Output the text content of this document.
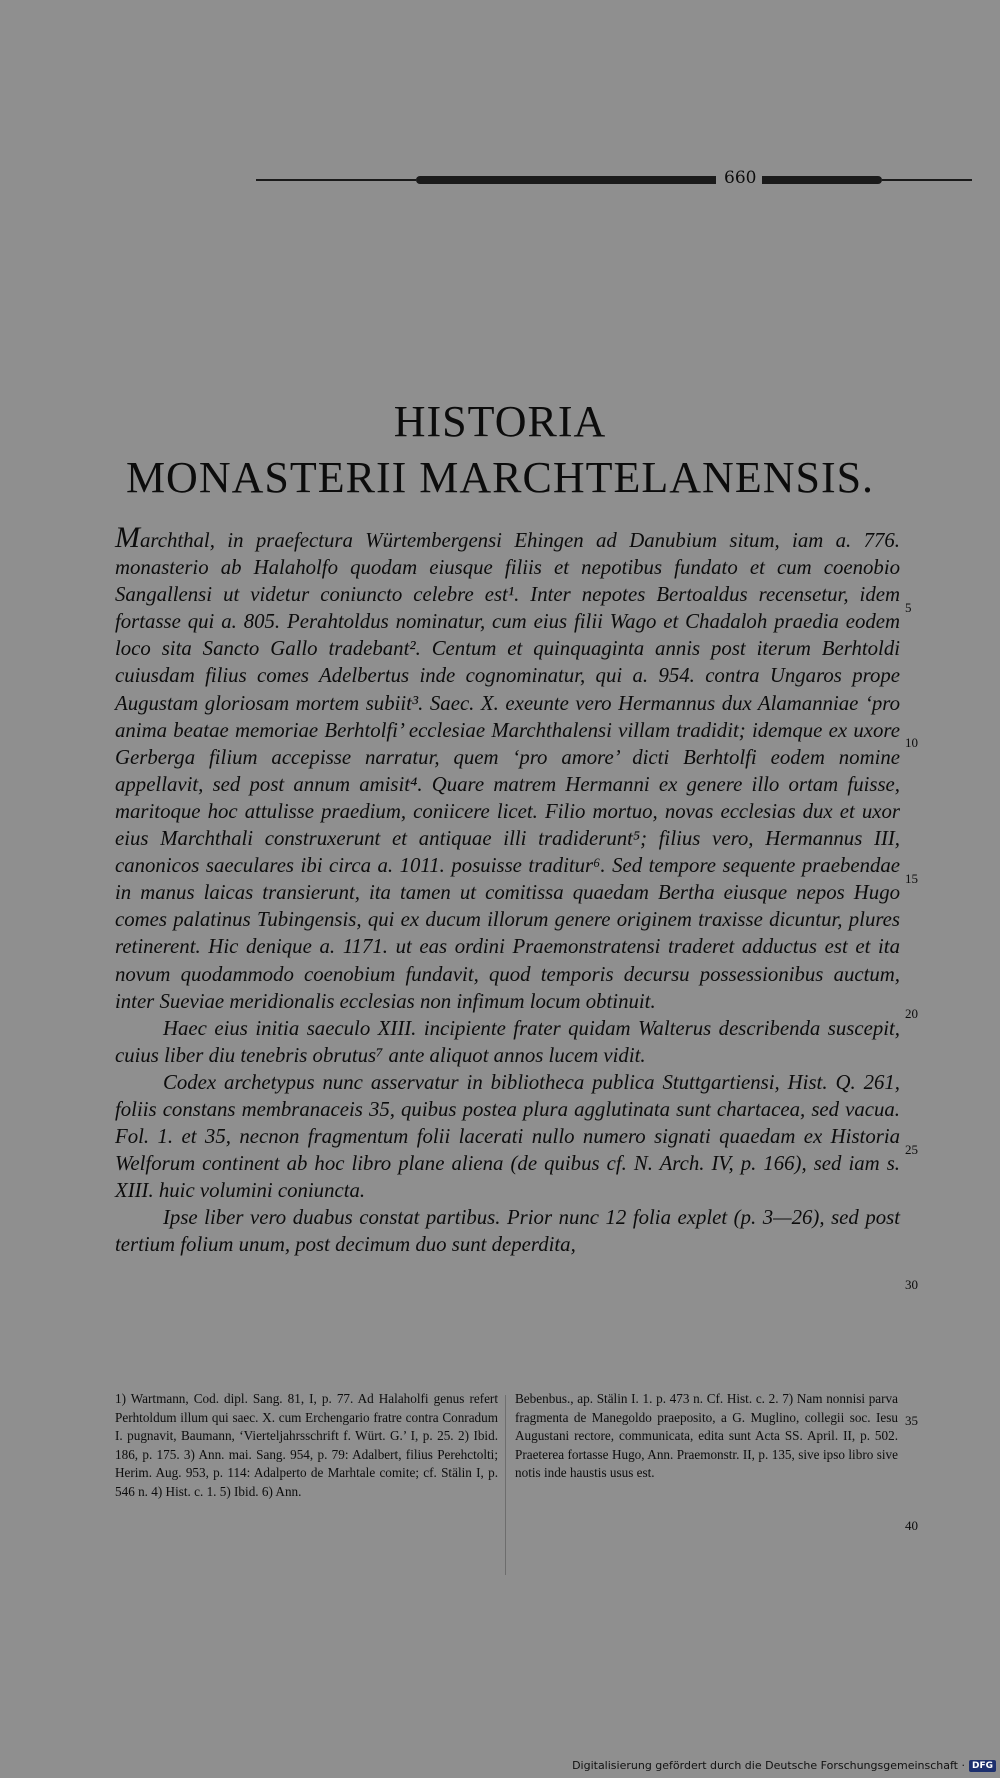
660
HISTORIA
MONASTERII MARCHTELANENSIS.

Marchthal, in praefectura Würtembergensi Ehingen ad Danubium situm, iam a. 776. monasterio ab Halaholfo quodam eiusque filiis et nepotibus fundato et cum coenobio Sangallensi ut videtur coniuncto celebre est¹. Inter nepotes Bertoaldus recensetur, idem fortasse qui a. 805. Perahtoldus nominatur, cum eius filii Wago et Chadaloh praedia eodem loco sita Sancto Gallo tradebant². Centum et quinquaginta annis post iterum Berhtoldi cuiusdam filius comes Adelbertus inde cognominatur, qui a. 954. contra Ungaros prope Augustam gloriosam mortem subiit³. Saec. X. exeunte vero Hermannus dux Alamanniae ‘pro anima beatae memoriae Berhtolfi’ ecclesiae Marchthalensi villam tradidit; idemque ex uxore Gerberga filium accepisse narratur, quem ‘pro amore’ dicti Berhtolfi eodem nomine appellavit, sed post annum amisit⁴. Quare matrem Hermanni ex genere illo ortam fuisse, maritoque hoc attulisse praedium, coniicere licet. Filio mortuo, novas ecclesias dux et uxor eius Marchthali construxerunt et antiquae illi tradiderunt⁵; filius vero, Hermannus III, canonicos saeculares ibi circa a. 1011. posuisse traditur⁶. Sed tempore sequente praebendae in manus laicas transierunt, ita tamen ut comitissa quaedam Bertha eiusque nepos Hugo comes palatinus Tubingensis, qui ex ducum illorum genere originem traxisse dicuntur, plures retinerent. Hic denique a. 1171. ut eas ordini Praemonstratensi traderet adductus est et ita novum quodammodo coenobium fundavit, quod temporis decursu possessionibus auctum, inter Sueviae meridionalis ecclesias non infimum locum obtinuit.

Haec eius initia saeculo XIII. incipiente frater quidam Walterus describenda suscepit, cuius liber diu tenebris obrutus⁷ ante aliquot annos lucem vidit.

Codex archetypus nunc asservatur in bibliotheca publica Stuttgartiensi, Hist. Q. 261, foliis constans membranaceis 35, quibus postea plura agglutinata sunt chartacea, sed vacua. Fol. 1. et 35, necnon fragmentum folii lacerati nullo numero signati quaedam ex Historia Welforum continent ab hoc libro plane aliena (de quibus cf. N. Arch. IV, p. 166), sed iam s. XIII. huic volumini coniuncta.

Ipse liber vero duabus constat partibus. Prior nunc 12 folia explet (p. 3—26), sed post tertium folium unum, post decimum duo sunt deperdita,

5
10
15
20
25
30
35
40

1) Wartmann, Cod. dipl. Sang. 81, I, p. 77. Ad Halaholfi genus refert Perhtoldum illum qui saec. X. cum Erchengario fratre contra Conradum I. pugnavit, Baumann, ‘Vierteljahrsschrift f. Würt. G.’ I, p. 25. 2) Ibid. 186, p. 175. 3) Ann. mai. Sang. 954, p. 79: Adalbert, filius Perehctolti; Herim. Aug. 953, p. 114: Adalperto de Marhtale comite; cf. Stälin I, p. 546 n. 4) Hist. c. 1. 5) Ibid. 6) Ann.

Bebenbus., ap. Stälin I. 1. p. 473 n. Cf. Hist. c. 2. 7) Nam nonnisi parva fragmenta de Manegoldo praeposito, a G. Muglino, collegii soc. Iesu Augustani rectore, communicata, edita sunt Acta SS. April. II, p. 502. Praeterea fortasse Hugo, Ann. Praemonstr. II, p. 135, sive ipso libro sive notis inde haustis usus est.

Digitalisierung gefördert durch die Deutsche Forschungsgemeinschaft · DFG
